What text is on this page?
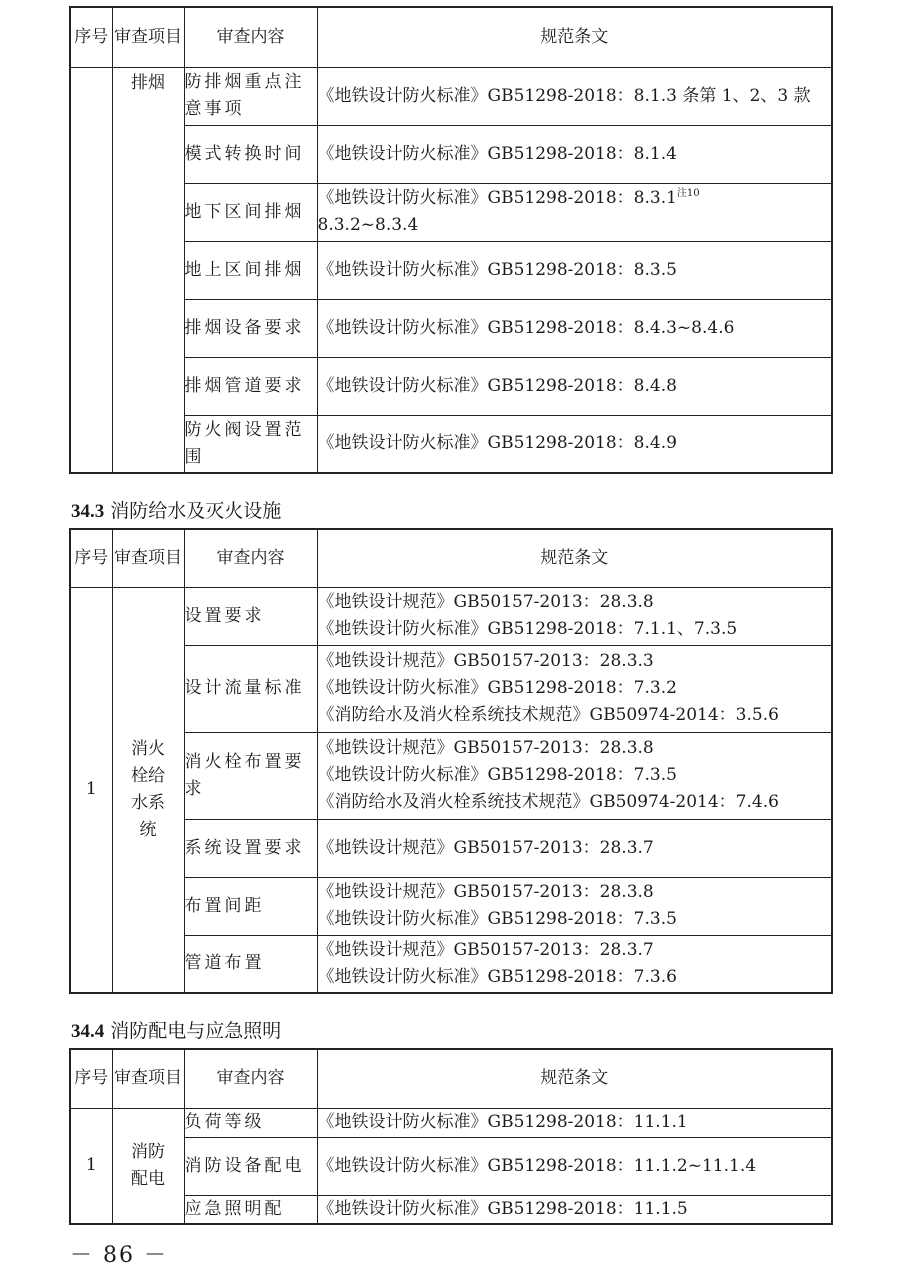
序号	审查项目	审查内容	规范条文
	排烟	防排烟重点注意事项	《地铁设计防火标准》GB51298-2018：8.1.3 条第 1、2、3 款

		模式转换时间	《地铁设计防火标准》GB51298-2018：8.1.4

		地下区间排烟	《地铁设计防火标准》GB51298-2018：8.3.1$^{注10}$
8.3.2~8.3.4

		地上区间排烟	《地铁设计防火标准》GB51298-2018：8.3.5

		排烟设备要求	《地铁设计防火标准》GB51298-2018：8.4.3~8.4.6

		排烟管道要求	《地铁设计防火标准》GB51298-2018：8.4.8

		防火阀设置范围	《地铁设计防火标准》GB51298-2018：8.4.9
34.3 消防给水及灭火设施
序号	审查项目	审查内容	规范条文
1	消火栓给水系统	设置要求	《地铁设计规范》GB50157-2013：28.3.8
《地铁设计防火标准》GB51298-2018：7.1.1、7.3.5

		设计流量标准	《地铁设计规范》GB50157-2013：28.3.3
《地铁设计防火标准》GB51298-2018：7.3.2
《消防给水及消火栓系统技术规范》GB50974-2014：3.5.6

		消火栓布置要求	《地铁设计规范》GB50157-2013：28.3.8
《地铁设计防火标准》GB51298-2018：7.3.5
《消防给水及消火栓系统技术规范》GB50974-2014：7.4.6

		系统设置要求	《地铁设计规范》GB50157-2013：28.3.7

		布置间距	《地铁设计规范》GB50157-2013：28.3.8
《地铁设计防火标准》GB51298-2018：7.3.5

		管道布置	《地铁设计规范》GB50157-2013：28.3.7
《地铁设计防火标准》GB51298-2018：7.3.6
34.4 消防配电与应急照明
序号	审查项目	审查内容	规范条文
1	消防配电	负荷等级	《地铁设计防火标准》GB51298-2018：11.1.1

		消防设备配电	《地铁设计防火标准》GB51298-2018：11.1.2~11.1.4

		应急照明配	《地铁设计防火标准》GB51298-2018：11.1.5
－ 86 －
